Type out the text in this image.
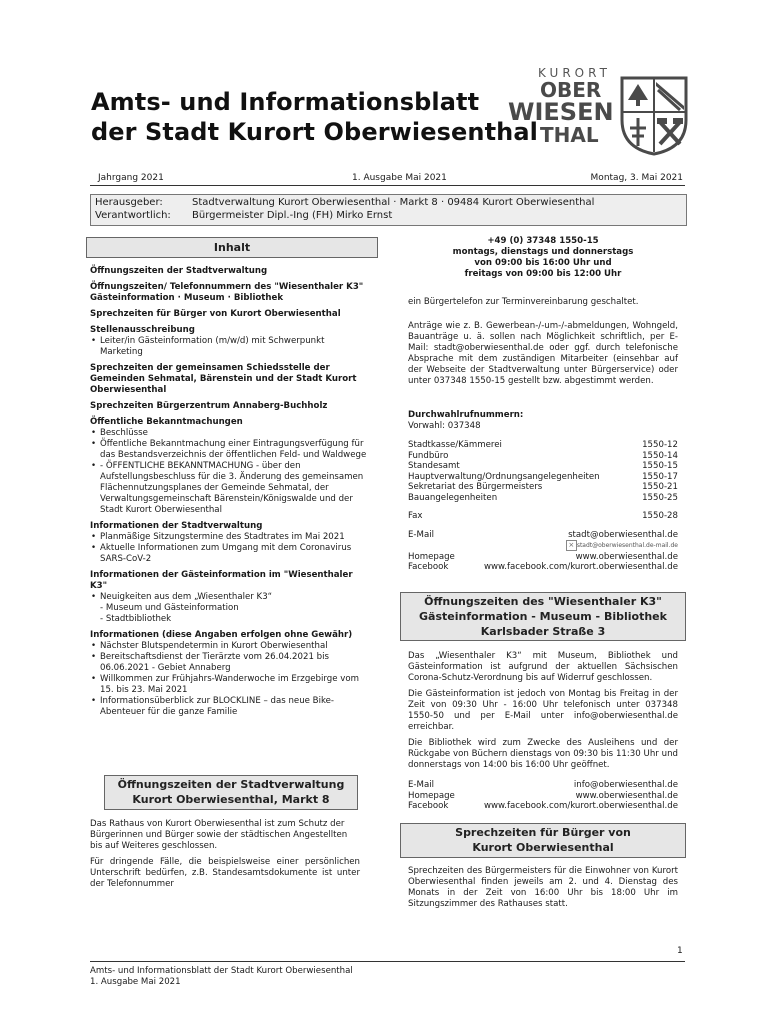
Amts- und Informationsblatt
der Stadt Kurort Oberwiesenthal
KURORT
OBER
WIESEN
THAL
Jahrgang 2021	1. Ausgabe Mai 2021	Montag, 3. Mai 2021
Herausgeber:	Stadtverwaltung Kurort Oberwiesenthal · Markt 8 · 09484 Kurort Oberwiesenthal
Verantwortlich: Bürgermeister Dipl.-Ing (FH) Mirko Ernst
Inhalt

Öffnungszeiten der Stadtverwaltung

Öffnungszeiten/ Telefonnummern des "Wiesenthaler K3" Gästeinformation · Museum · Bibliothek

Sprechzeiten für Bürger von Kurort Oberwiesenthal

Stellenausschreibung

• Leiter/in Gästeinformation (m/w/d) mit Schwerpunkt Marketing

Sprechzeiten der gemeinsamen Schiedsstelle der Gemeinden Sehmatal, Bärenstein und der Stadt Kurort Oberwiesenthal

Sprechzeiten Bürgerzentrum Annaberg-Buchholz

Öffentliche Bekanntmachungen

• Beschlüsse
• Öffentliche Bekanntmachung einer Eintragungsverfügung für das Bestandsverzeichnis der öffentlichen Feld- und Waldwege
• - ÖFFENTLICHE BEKANNTMACHUNG - über den Aufstellungsbeschluss für die 3. Änderung des gemeinsamen Flächennutzungsplanes der Gemeinde Sehmatal, der Verwaltungsgemeinschaft Bärenstein/Königswalde und der Stadt Kurort Oberwiesenthal

Informationen der Stadtverwaltung

• Planmäßige Sitzungstermine des Stadtrates im Mai 2021
• Aktuelle Informationen zum Umgang mit dem Coronavirus SARS-CoV-2

Informationen der Gästeinformation im "Wiesenthaler K3"

• Neuigkeiten aus dem „Wiesenthaler K3“

- Museum und Gästeinformation

- Stadtbibliothek

Informationen (diese Angaben erfolgen ohne Gewähr)

• Nächster Blutspendetermin in Kurort Oberwiesenthal
• Bereitschaftsdienst der Tierärzte vom 26.04.2021 bis 06.06.2021 - Gebiet Annaberg
• Willkommen zur Frühjahrs-Wanderwoche im Erzgebirge vom 15. bis 23. Mai 2021
• Informationsüberblick zur BLOCKLINE – das neue Bike-Abenteuer für die ganze Familie
Öffnungszeiten der Stadtverwaltung
Kurort Oberwiesenthal, Markt 8

Das Rathaus von Kurort Oberwiesenthal ist zum Schutz der Bürgerinnen und Bürger sowie der städtischen Angestellten bis auf Weiteres geschlossen.

Für dringende Fälle, die beispielsweise einer persönlichen Unterschrift bedürfen, z.B. Standesamtsdokumente ist unter der Telefonnummer

+49 (0) 37348 1550-15
montags, dienstags und donnerstags
von 09:00 bis 16:00 Uhr und
freitags von 09:00 bis 12:00 Uhr
ein Bürgertelefon zur Terminvereinbarung geschaltet.
Anträge wie z. B. Gewerbean-/-um-/-abmeldungen, Wohngeld, Bauanträge u. ä. sollen nach Möglichkeit schriftlich, per E-Mail: stadt@oberwiesenthal.de oder ggf. durch telefonische Absprache mit dem zuständigen Mitarbeiter (einsehbar auf der Webseite der Stadtverwaltung unter Bürgerservice) oder unter 037348 1550-15 gestellt bzw. abgestimmt werden.
Durchwahlrufnummern:
Vorwahl: 037348
Stadtkasse/Kämmerei	1550-12
Fundbüro	1550-14
Standesamt	1550-15
Hauptverwaltung/Ordnungsangelegenheiten	1550-17
Sekretariat des Bürgermeisters	1550-21
Bauangelegenheiten	1550-25
Fax	1550-28

E-Mail	stadt@oberwiesenthal.de
	× stadt@oberwiesenthal.de-mail.de
Homepage	www.oberwiesenthal.de
Facebook	www.facebook.com/kurort.oberwiesenthal.de
Öffnungszeiten des "Wiesenthaler K3"
Gästeinformation - Museum - Bibliothek
Karlsbader Straße 3

Das „Wiesenthaler K3“ mit Museum, Bibliothek und Gästeinformation ist aufgrund der aktuellen Sächsischen Corona-Schutz-Verordnung bis auf Widerruf geschlossen.

Die Gästeinformation ist jedoch von Montag bis Freitag in der Zeit von 09:30 Uhr - 16:00 Uhr telefonisch unter 037348 1550-50 und per E-Mail unter info@oberwiesenthal.de erreichbar.

Die Bibliothek wird zum Zwecke des Ausleihens und der Rückgabe von Büchern dienstags von 09:30 bis 11:30 Uhr und donnerstags von 14:00 bis 16:00 Uhr geöffnet.

E-Mail	info@oberwiesenthal.de
Homepage	www.oberwiesenthal.de
Facebook	www.facebook.com/kurort.oberwiesenthal.de
Sprechzeiten für Bürger von
Kurort Oberwiesenthal
Sprechzeiten des Bürgermeisters für die Einwohner von Kurort Oberwiesenthal finden jeweils am 2. und 4. Dienstag des Monats in der Zeit von 16:00 Uhr bis 18:00 Uhr im Sitzungszimmer des Rathauses statt.
1
Amts- und Informationsblatt der Stadt Kurort Oberwiesenthal
1. Ausgabe Mai 2021
